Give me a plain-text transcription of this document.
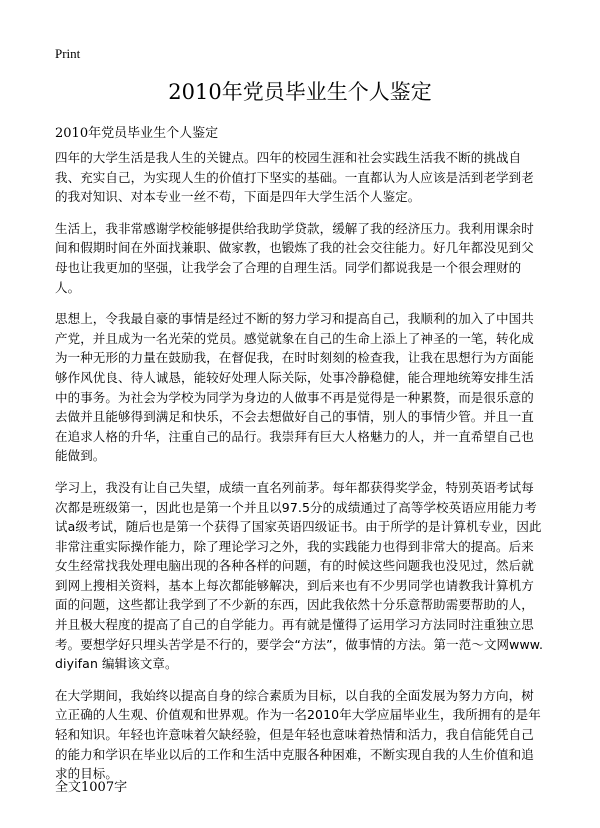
Print
2010年党员毕业生个人鉴定
2010年党员毕业生个人鉴定

四年的大学生活是我人生的关键点。四年的校园生涯和社会实践生活我不断的挑战自我、充实自己，为实现人生的价值打下坚实的基础。一直都认为人应该是活到老学到老的我对知识、对本专业一丝不苟，下面是四年大学生活个人鉴定。

生活上，我非常感谢学校能够提供给我助学贷款，缓解了我的经济压力。我利用课余时间和假期时间在外面找兼职、做家教，也锻炼了我的社会交往能力。好几年都没见到父母也让我更加的坚强，让我学会了合理的自理生活。同学们都说我是一个很会理财的人。

思想上，令我最自豪的事情是经过不断的努力学习和提高自己，我顺利的加入了中国共产党，并且成为一名光荣的党员。感觉就象在自己的生命上添上了神圣的一笔，转化成为一种无形的力量在鼓励我，在督促我，在时时刻刻的检查我，让我在思想行为方面能够作风优良、待人诚恳，能较好处理人际关际，处事冷静稳健，能合理地统筹安排生活中的事务。为社会为学校为同学为身边的人做事不再是觉得是一种累赘，而是很乐意的去做并且能够得到满足和快乐，不会去想做好自己的事情，别人的事情少管。并且一直在追求人格的升华，注重自己的品行。我崇拜有巨大人格魅力的人，并一直希望自己也能做到。

学习上，我没有让自己失望，成绩一直名列前茅。每年都获得奖学金，特别英语考试每次都是班级第一，因此也是第一个并且以97.5分的成绩通过了高等学校英语应用能力考试a级考试，随后也是第一个获得了国家英语四级证书。由于所学的是计算机专业，因此非常注重实际操作能力，除了理论学习之外，我的实践能力也得到非常大的提高。后来女生经常找我处理电脑出现的各种各样的问题，有的时候这些问题我也没见过，然后就到网上搜相关资料，基本上每次都能够解决，到后来也有不少男同学也请教我计算机方面的问题，这些都让我学到了不少新的东西，因此我依然十分乐意帮助需要帮助的人，并且极大程度的提高了自己的自学能力。再有就是懂得了运用学习方法同时注重独立思考。要想学好只埋头苦学是不行的，要学会“方法”，做事情的方法。第一范～文网www. diyifan 编辑该文章。

在大学期间，我始终以提高自身的综合素质为目标，以自我的全面发展为努力方向，树立正确的人生观、价值观和世界观。作为一名2010年大学应届毕业生，我所拥有的是年轻和知识。年轻也许意味着欠缺经验，但是年轻也意味着热情和活力，我自信能凭自己的能力和学识在毕业以后的工作和生活中克服各种困难，不断实现自我的人生价值和追求的目标。

全文1007字
